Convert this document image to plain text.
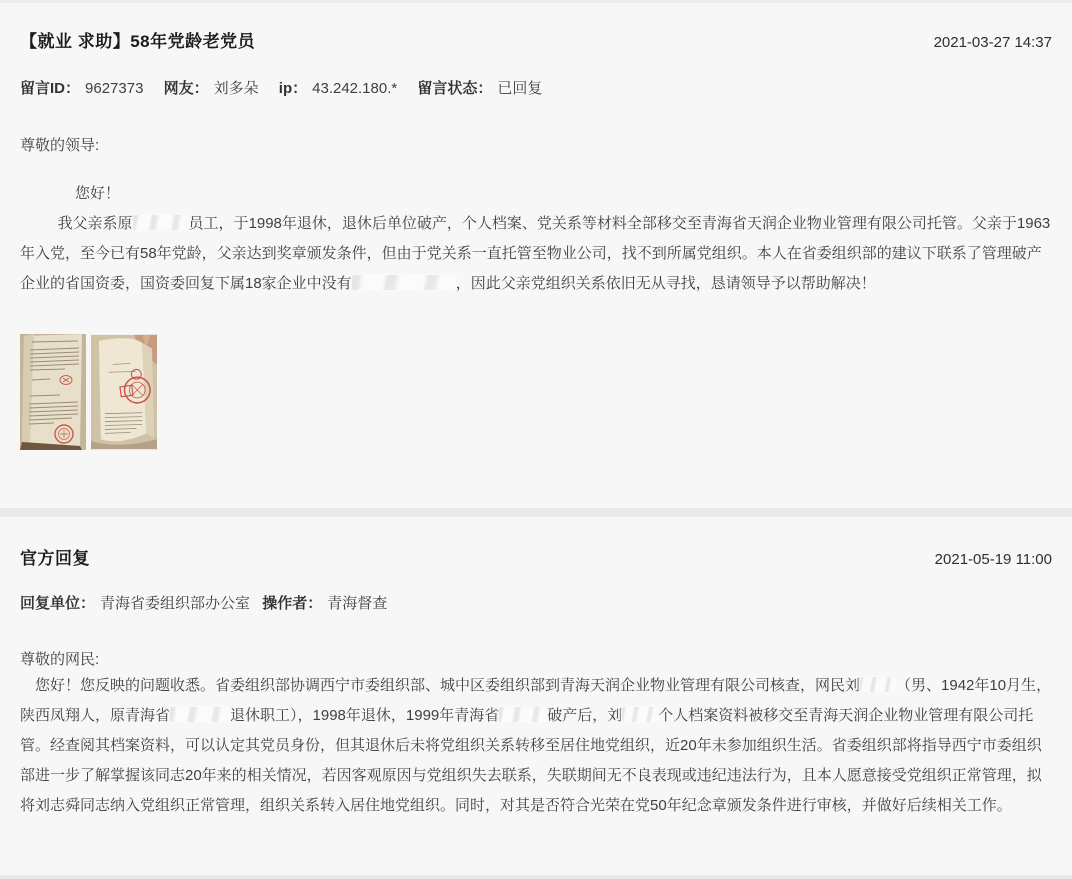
【就业 求助】58年党龄老党员	2021-03-27 14:37
留言ID： 9627373 网友： 刘多朵 ip： 43.242.180.* 留言状态： 已回复

尊敬的领导:

您好！

我父亲系原	员工，于1998年退休，退休后单位破产，个人档案、党关系等材料全部移交至青海省天润企业物业管理有限公司托管。父亲于1963年入党，至今已有58年党龄，父亲达到奖章颁发条件，但由于党关系一直托管至物业公司，找不到所属党组织。本人在省委组织部的建议下联系了管理破产企业的省国资委，国资委回复下属18家企业中没有	，因此父亲党组织关系依旧无从寻找，恳请领导予以帮助解决！

官方回复	2021-05-19 11:00
回复单位： 青海省委组织部办公室 操作者： 青海督查

尊敬的网民:

您好！您反映的问题收悉。省委组织部协调西宁市委组织部、城中区委组织部到青海天润企业物业管理有限公司核查，网民刘 （男、1942年10月生，陕西凤翔人，原青海省	退休职工），1998年退休，1999年青海省	破产后，刘 个人档案资料被移交至青海天润企业物业管理有限公司托管。经查阅其档案资料，可以认定其党员身份，但其退休后未将党组织关系转移至居住地党组织，近20年未参加组织生活。省委组织部将指导西宁市委组织部进一步了解掌握该同志20年来的相关情况，若因客观原因与党组织失去联系，失联期间无不良表现或违纪违法行为，且本人愿意接受党组织正常管理，拟将刘志舜同志纳入党组织正常管理，组织关系转入居住地党组织。同时，对其是否符合光荣在党50年纪念章颁发条件进行审核，并做好后续相关工作。
